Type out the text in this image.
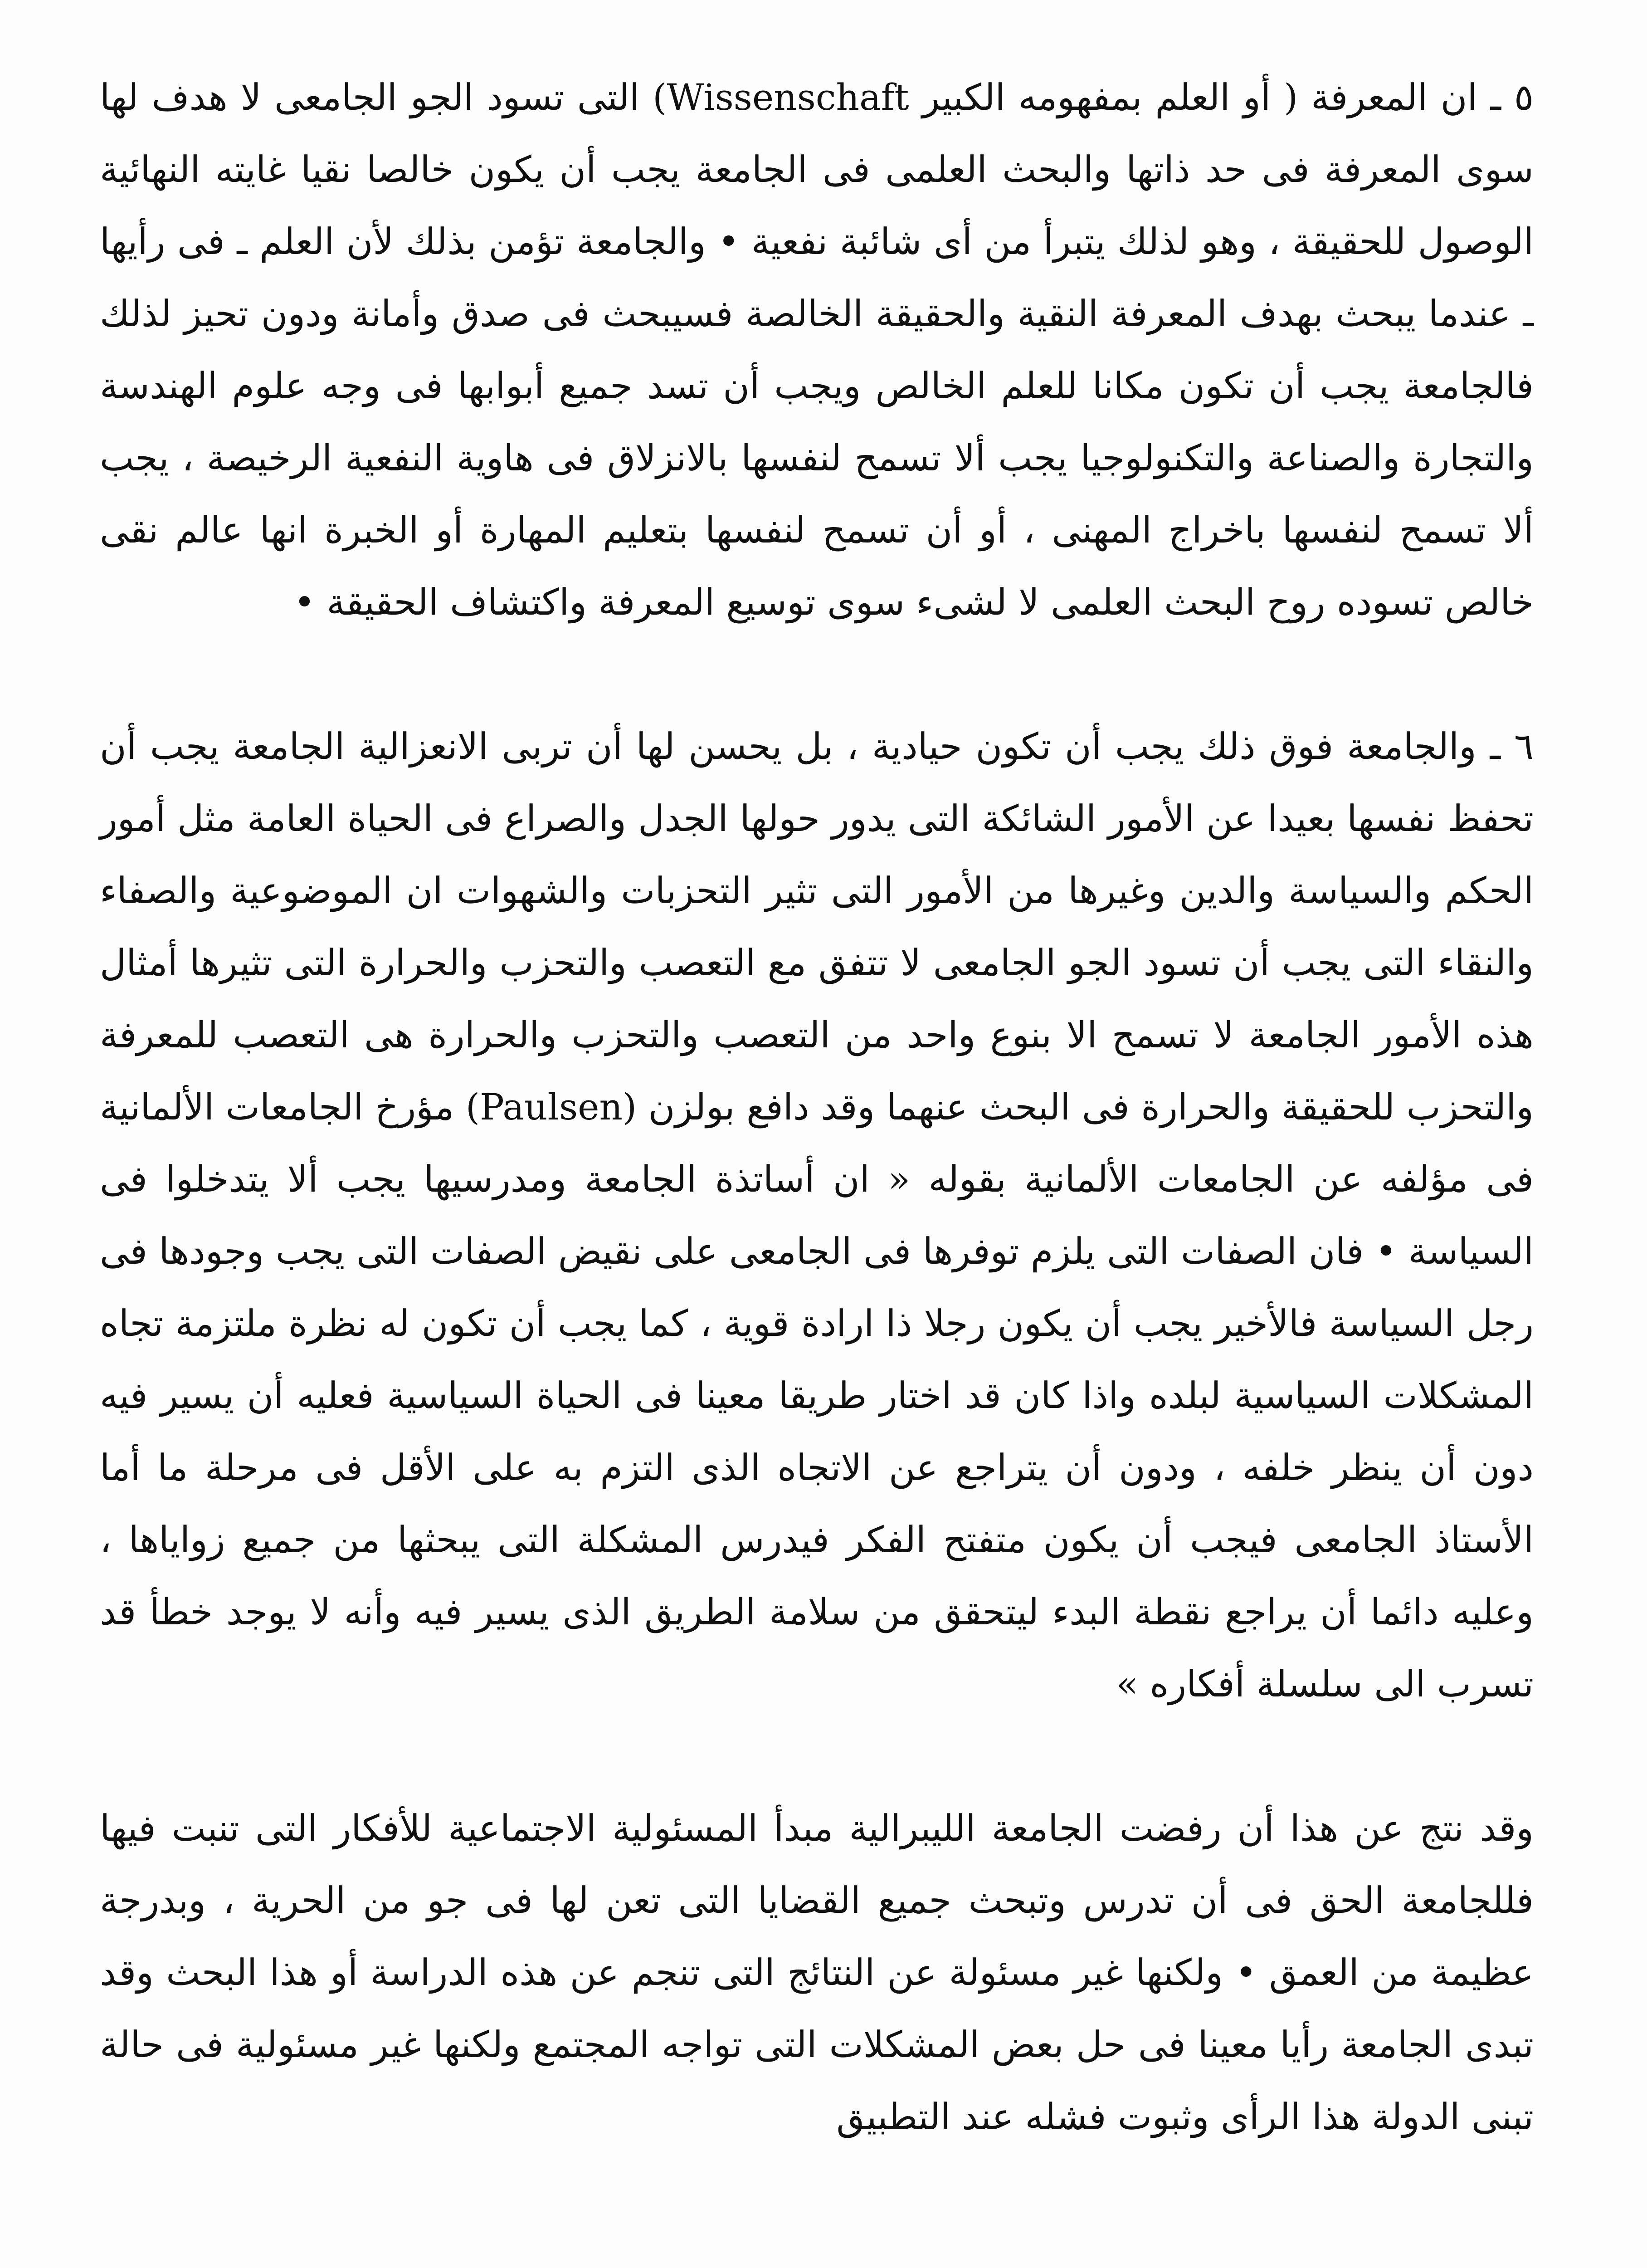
٥ ـ ان المعرفة ( أو العلم بمفهومه الكبير Wissenschaft) التى تسود الجو الجامعى لا هدف لها سوى المعرفة فى حد ذاتها والبحث العلمى فى الجامعة يجب أن يكون خالصا نقيا غايته النهائية الوصول للحقيقة ، وهو لذلك يتبرأ من أى شائبة نفعية • والجامعة تؤمن بذلك لأن العلم ـ فى رأيها ـ عندما يبحث بهدف المعرفة النقية والحقيقة الخالصة فسيبحث فى صدق وأمانة ودون تحيز لذلك فالجامعة يجب أن تكون مكانا للعلم الخالص ويجب أن تسد جميع أبوابها فى وجه علوم الهندسة والتجارة والصناعة والتكنولوجيا يجب ألا تسمح لنفسها بالانزلاق فى هاوية النفعية الرخيصة ، يجب ألا تسمح لنفسها باخراج المهنى ، أو أن تسمح لنفسها بتعليم المهارة أو الخبرة انها عالم نقى خالص تسوده روح البحث العلمى لا لشىء سوى توسيع المعرفة واكتشاف الحقيقة •

٦ ـ والجامعة فوق ذلك يجب أن تكون حيادية ، بل يحسن لها أن تربى الانعزالية الجامعة يجب أن تحفظ نفسها بعيدا عن الأمور الشائكة التى يدور حولها الجدل والصراع فى الحياة العامة مثل أمور الحكم والسياسة والدين وغيرها من الأمور التى تثير التحزبات والشهوات ان الموضوعية والصفاء والنقاء التى يجب أن تسود الجو الجامعى لا تتفق مع التعصب والتحزب والحرارة التى تثيرها أمثال هذه الأمور الجامعة لا تسمح الا بنوع واحد من التعصب والتحزب والحرارة هى التعصب للمعرفة والتحزب للحقيقة والحرارة فى البحث عنهما وقد دافع بولزن (Paulsen) مؤرخ الجامعات الألمانية فى مؤلفه عن الجامعات الألمانية بقوله « ان أساتذة الجامعة ومدرسيها يجب ألا يتدخلوا فى السياسة • فان الصفات التى يلزم توفرها فى الجامعى على نقيض الصفات التى يجب وجودها فى رجل السياسة فالأخير يجب أن يكون رجلا ذا ارادة قوية ، كما يجب أن تكون له نظرة ملتزمة تجاه المشكلات السياسية لبلده واذا كان قد اختار طريقا معينا فى الحياة السياسية فعليه أن يسير فيه دون أن ينظر خلفه ، ودون أن يتراجع عن الاتجاه الذى التزم به على الأقل فى مرحلة ما أما الأستاذ الجامعى فيجب أن يكون متفتح الفكر فيدرس المشكلة التى يبحثها من جميع زواياها ، وعليه دائما أن يراجع نقطة البدء ليتحقق من سلامة الطريق الذى يسير فيه وأنه لا يوجد خطأ قد تسرب الى سلسلة أفكاره »

وقد نتج عن هذا أن رفضت الجامعة الليبرالية مبدأ المسئولية الاجتماعية للأفكار التى تنبت فيها فللجامعة الحق فى أن تدرس وتبحث جميع القضايا التى تعن لها فى جو من الحرية ، وبدرجة عظيمة من العمق • ولكنها غير مسئولة عن النتائج التى تنجم عن هذه الدراسة أو هذا البحث وقد تبدى الجامعة رأيا معينا فى حل بعض المشكلات التى تواجه المجتمع ولكنها غير مسئولية فى حالة تبنى الدولة هذا الرأى وثبوت فشله عند التطبيق
